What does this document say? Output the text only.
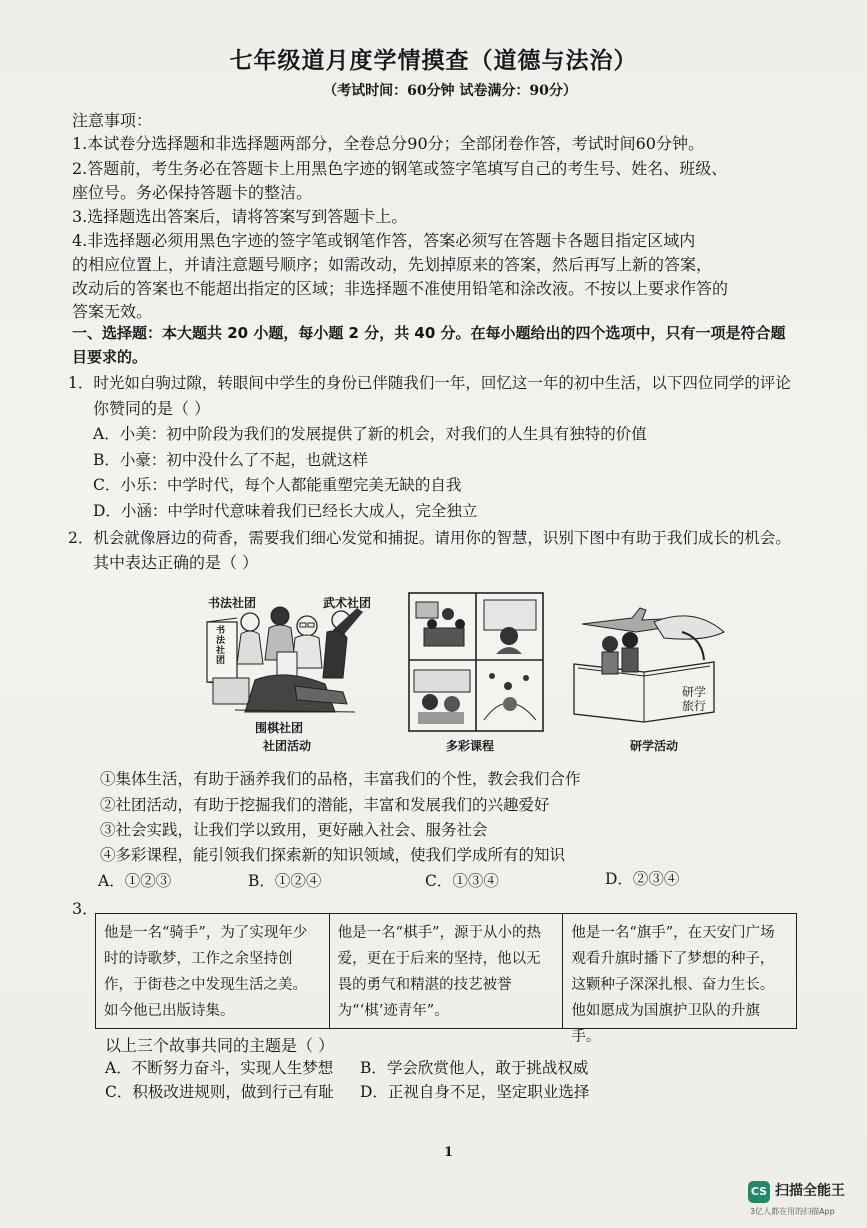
七年级道月度学情摸查（道德与法治）
（考试时间：60分钟 试卷满分：90分）
注意事项：
1.本试卷分选择题和非选择题两部分，全卷总分90分；全部闭卷作答，考试时间60分钟。
2.答题前，考生务必在答题卡上用黑色字迹的钢笔或签字笔填写自己的考生号、姓名、班级、
座位号。务必保持答题卡的整洁。
3.选择题选出答案后，请将答案写到答题卡上。
4.非选择题必须用黑色字迹的签字笔或钢笔作答，答案必须写在答题卡各题目指定区域内
的相应位置上，并请注意题号顺序；如需改动，先划掉原来的答案，然后再写上新的答案，
改动后的答案也不能超出指定的区域；非选择题不准使用铅笔和涂改液。不按以上要求作答的
答案无效。
一、选择题：本大题共 20 小题，每小题 2 分，共 40 分。在每小题给出的四个选项中，只有一项是符合题
目要求的。
1．时光如白驹过隙，转眼间中学生的身份已伴随我们一年，回忆这一年的初中生活，以下四位同学的评论
你赞同的是（ ）
A．小美：初中阶段为我们的发展提供了新的机会，对我们的人生具有独特的价值
B．小豪：初中没什么了不起，也就这样
C．小乐：中学时代，每个人都能重塑完美无缺的自我
D．小涵：中学时代意味着我们已经长大成人，完全独立
2．机会就像唇边的荷香，需要我们细心发觉和捕捉。请用你的智慧，识别下图中有助于我们成长的机会。
其中表达正确的是（ ）
书法社团	武术社团
书法社团
围棋社团
社团活动	多彩课程
研学旅行
研学活动
①集体生活，有助于涵养我们的品格，丰富我们的个性，教会我们合作
②社团活动，有助于挖掘我们的潜能，丰富和发展我们的兴趣爱好
③社会实践，让我们学以致用，更好融入社会、服务社会
④多彩课程，能引领我们探索新的知识领域，使我们学成所有的知识
A．①②③	B．①②④	C．①③④	D．②③④
3．
他是一名“骑手”，为了实现年少时的诗歌梦，工作之余坚持创作，于街巷之中发现生活之美。如今他已出版诗集。
他是一名“棋手”，源于从小的热爱，更在于后来的坚持，他以无畏的勇气和精湛的技艺被誉为“‘棋’迹青年”。
他是一名“旗手”，在天安门广场观看升旗时播下了梦想的种子，这颗种子深深扎根、奋力生长。他如愿成为国旗护卫队的升旗手。
以上三个故事共同的主题是（ ）
A．不断努力奋斗，实现人生梦想 B．学会欣赏他人，敢于挑战权威
C．积极改进规则，做到行己有耻 D．正视自身不足，坚定职业选择
1
CS 扫描全能王
3亿人都在用的扫描App
